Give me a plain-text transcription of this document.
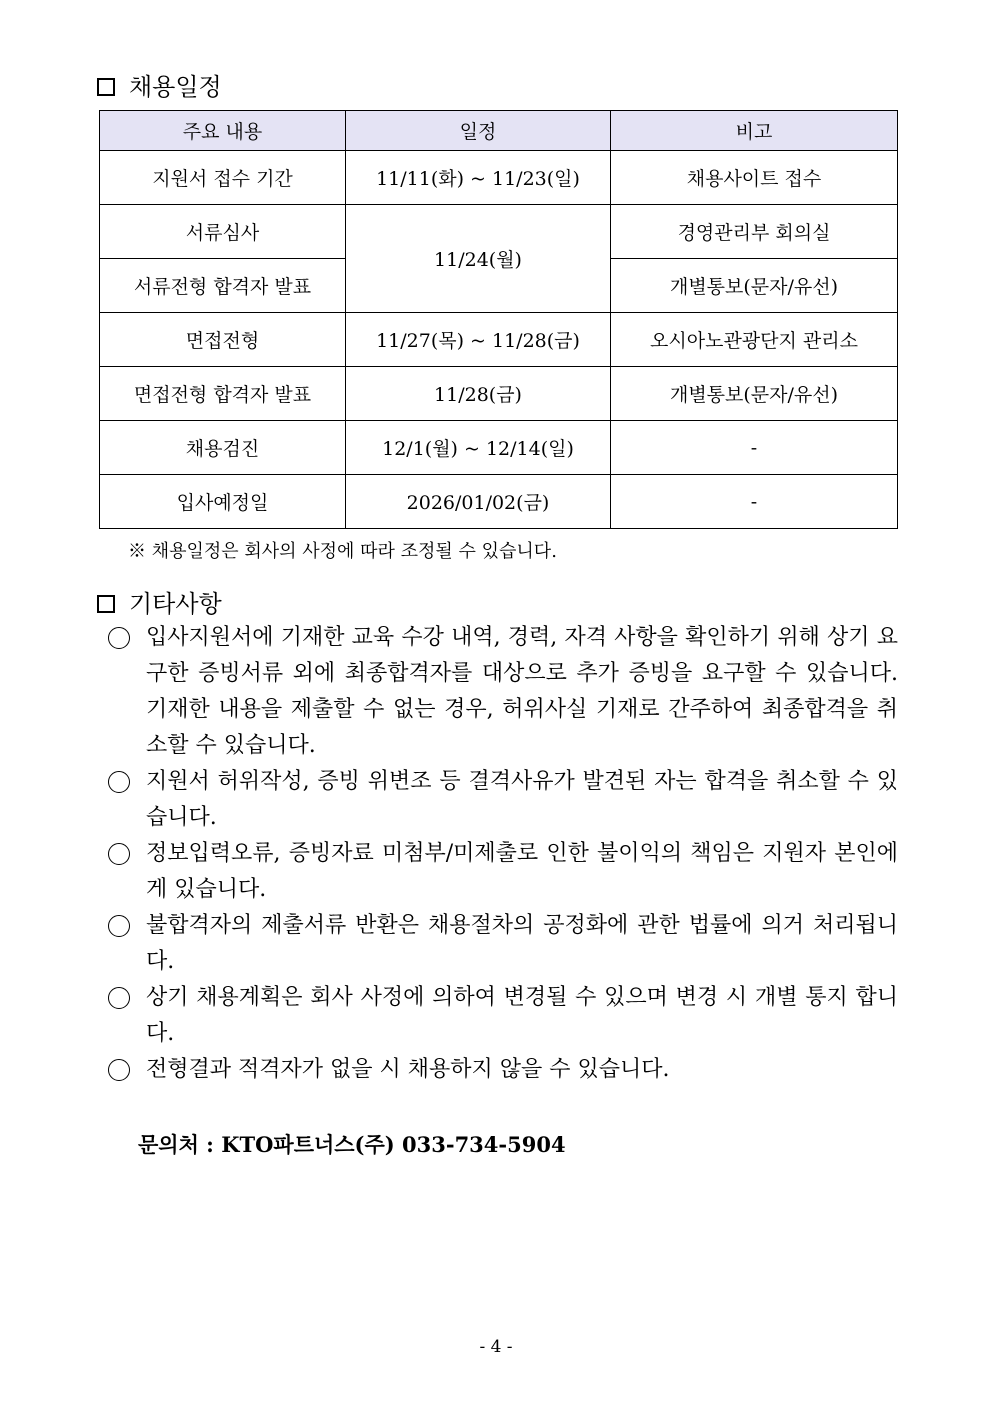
채용일정
주요 내용	일정	비고
지원서 접수 기간	11/11(화) ~ 11/23(일)	채용사이트 접수
서류심사	11/24(월)	경영관리부 회의실
서류전형 합격자 발표		개별통보(문자/유선)
면접전형	11/27(목) ~ 11/28(금)	오시아노관광단지 관리소
면접전형 합격자 발표	11/28(금)	개별통보(문자/유선)
채용검진	12/1(월) ~ 12/14(일)	-
입사예정일	2026/01/02(금)	-
※ 채용일정은 회사의 사정에 따라 조정될 수 있습니다.
기타사항
입사지원서에 기재한 교육 수강 내역, 경력, 자격 사항을 확인하기 위해 상기 요구한 증빙서류 외에 최종합격자를 대상으로 추가 증빙을 요구할 수 있습니다. 기재한 내용을 제출할 수 없는 경우, 허위사실 기재로 간주하여 최종합격을 취소할 수 있습니다.
지원서 허위작성, 증빙 위변조 등 결격사유가 발견된 자는 합격을 취소할 수 있습니다.
정보입력오류, 증빙자료 미첨부/미제출로 인한 불이익의 책임은 지원자 본인에게 있습니다.
불합격자의 제출서류 반환은 채용절차의 공정화에 관한 법률에 의거 처리됩니다.
상기 채용계획은 회사 사정에 의하여 변경될 수 있으며 변경 시 개별 통지 합니다.
전형결과 적격자가 없을 시 채용하지 않을 수 있습니다.
문의처 : KTO파트너스(주) 033-734-5904
- 4 -
